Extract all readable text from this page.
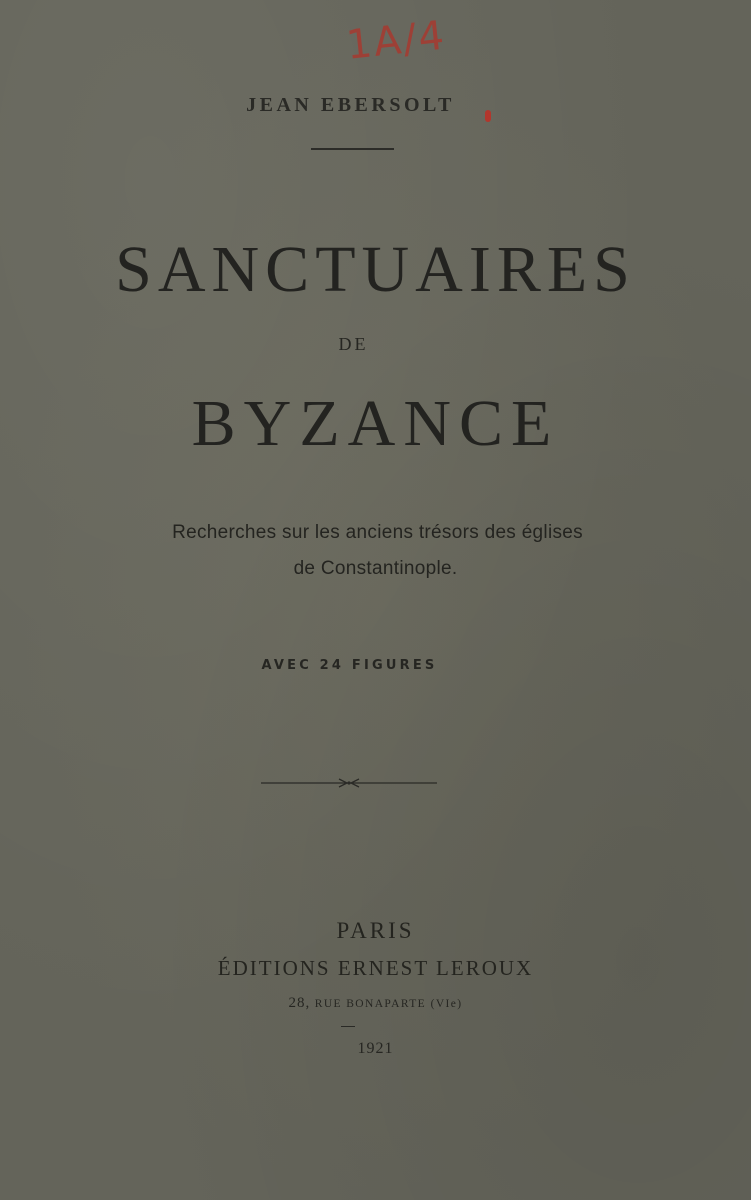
1A/4
JEAN EBERSOLT
SANCTUAIRES
DE
BYZANCE
Recherches sur les anciens trésors des églises
de Constantinople.
AVEC 24 FIGURES
PARIS
ÉDITIONS ERNEST LEROUX
28, RUE BONAPARTE (VIe)
1921
